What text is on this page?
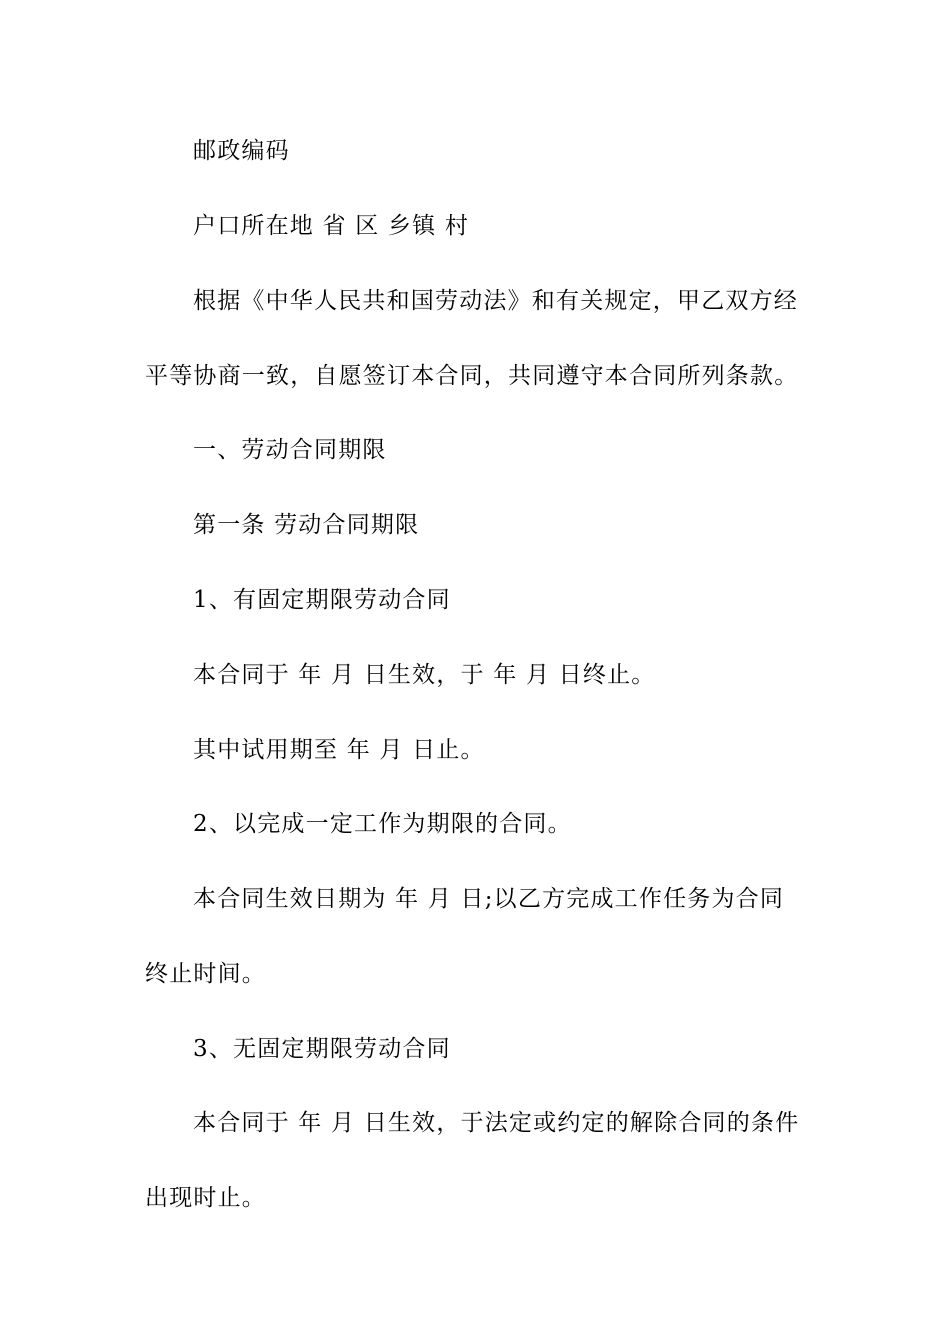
邮政编码
户口所在地 省 区 乡镇 村
根据《中华人民共和国劳动法》和有关规定，甲乙双方经
平等协商一致，自愿签订本合同，共同遵守本合同所列条款。
一、劳动合同期限
第一条 劳动合同期限
1、有固定期限劳动合同
本合同于 年 月 日生效，于 年 月 日终止。
其中试用期至 年 月 日止。
2、以完成一定工作为期限的合同。
本合同生效日期为 年 月 日;以乙方完成工作任务为合同
终止时间。
3、无固定期限劳动合同
本合同于 年 月 日生效，于法定或约定的解除合同的条件
出现时止。
